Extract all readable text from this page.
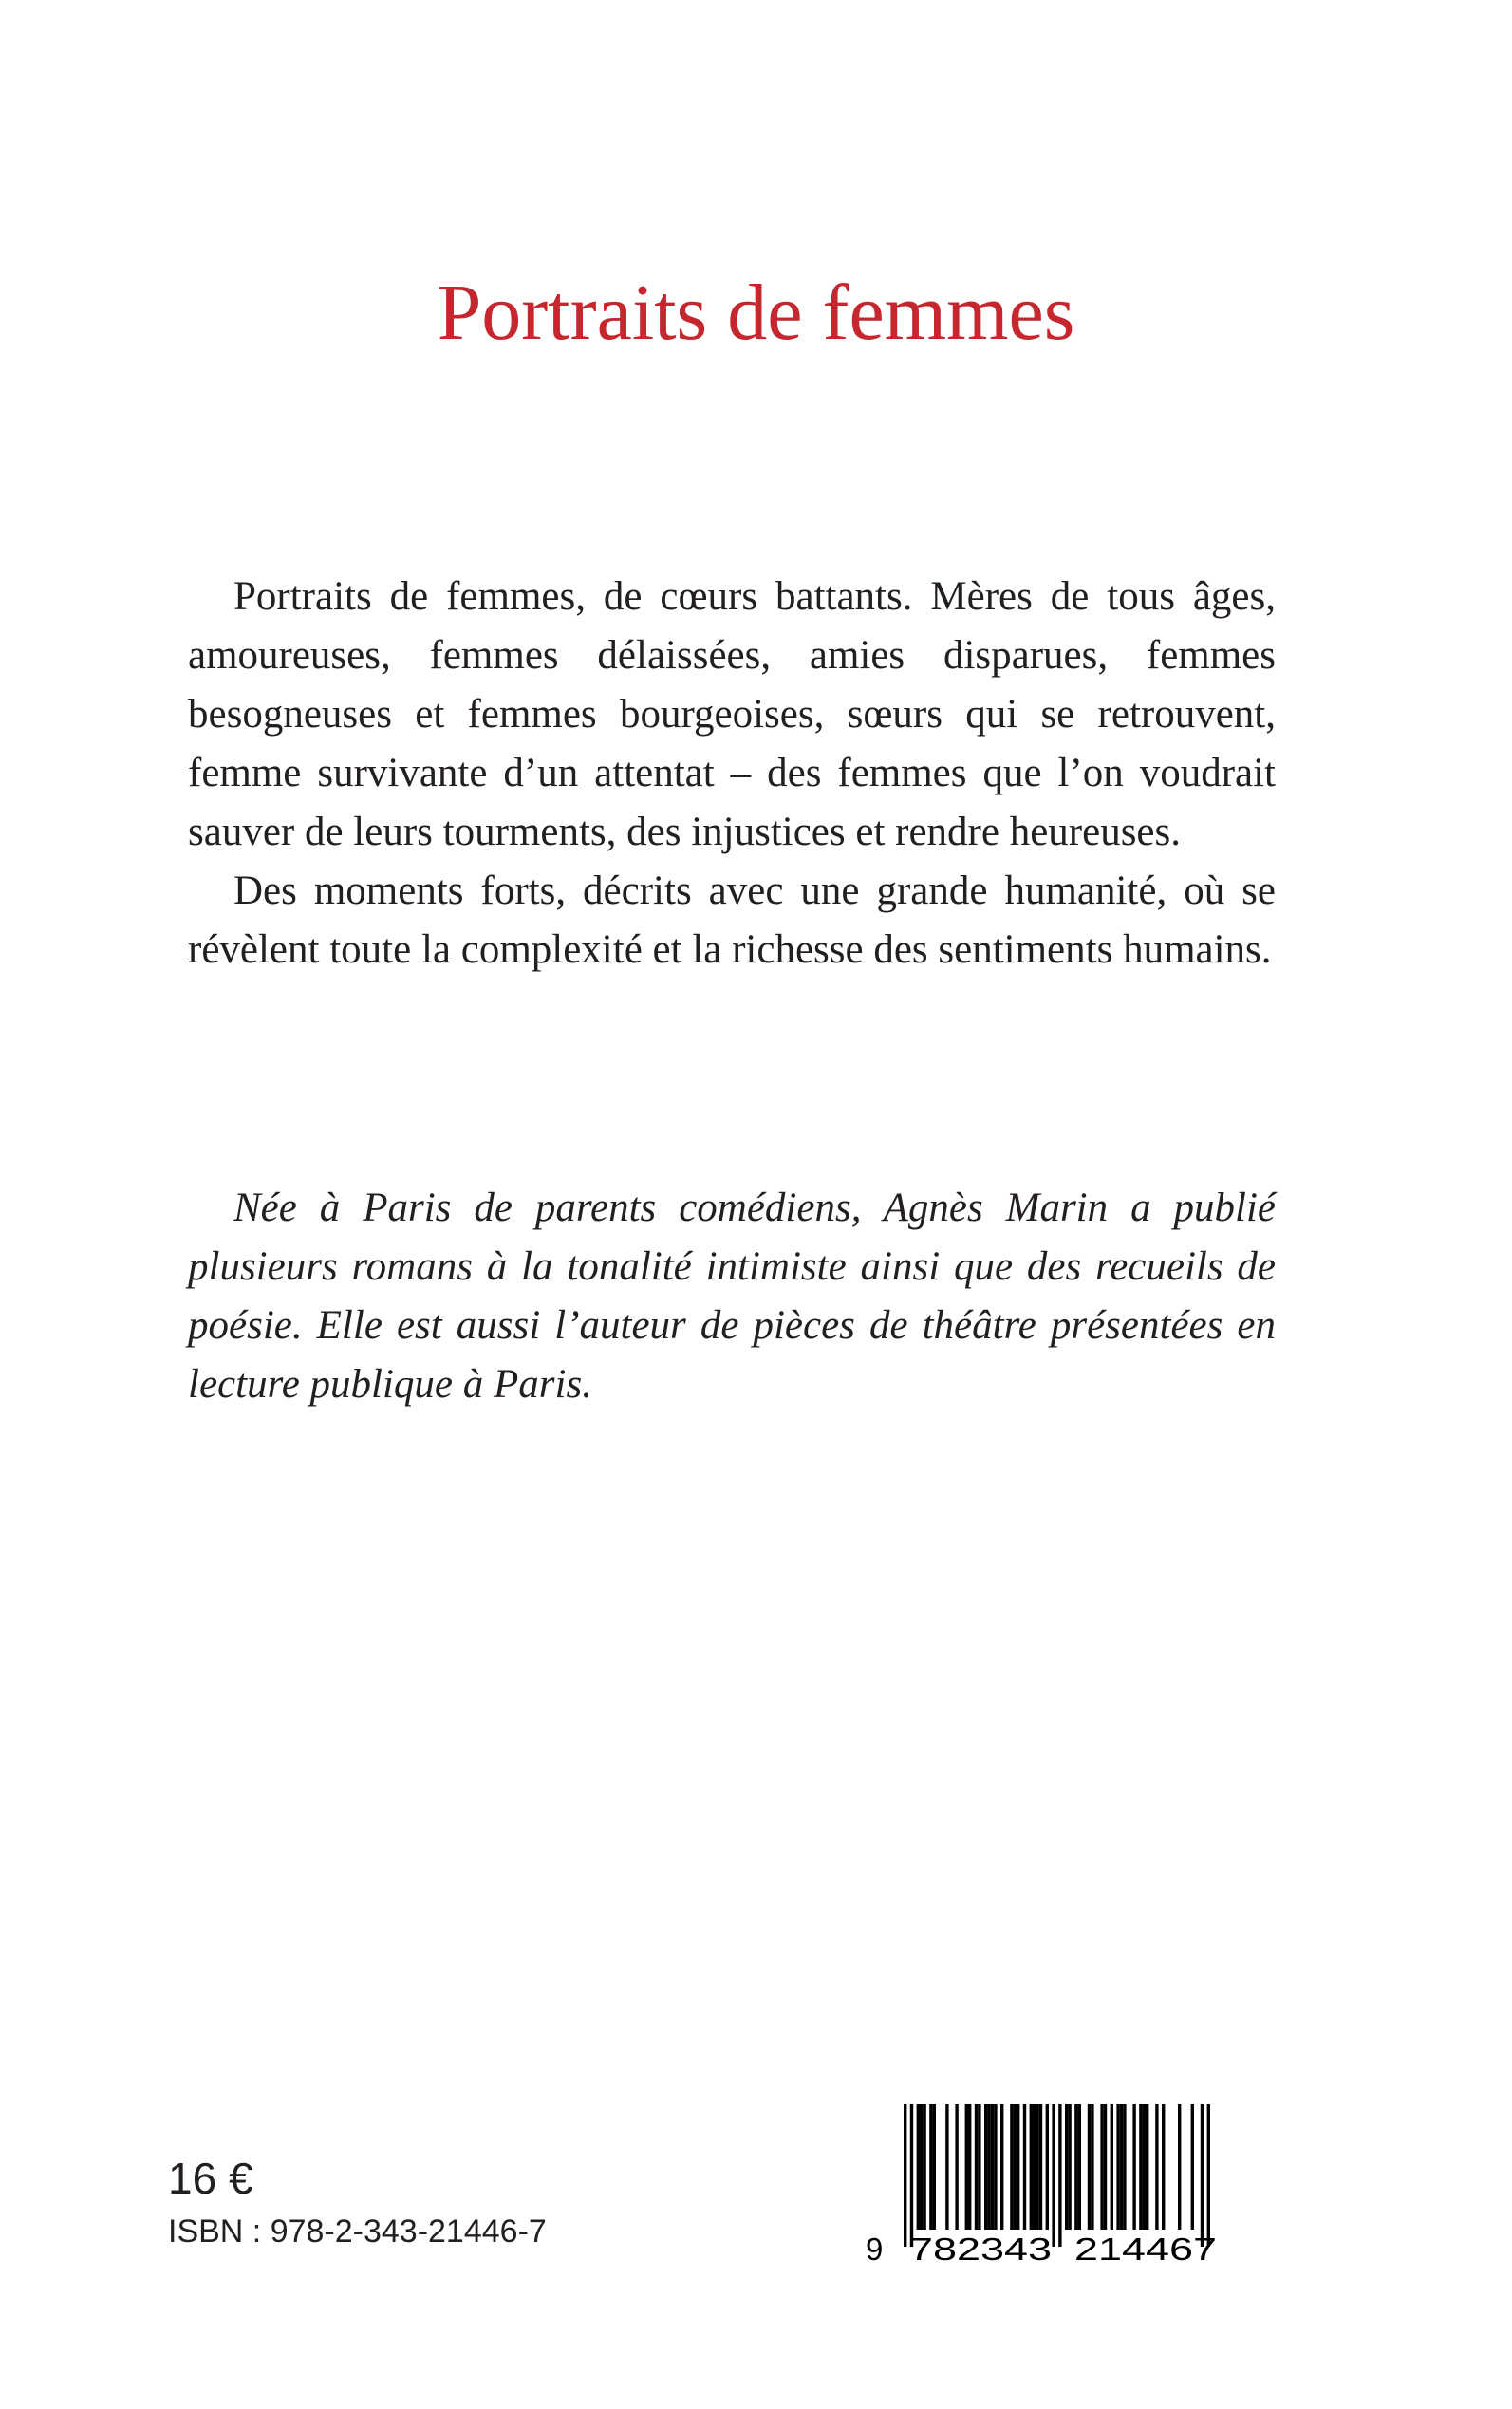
Portraits de femmes

Portraits de femmes, de cœurs battants. Mères de tous âges, amoureuses, femmes délaissées, amies disparues, femmes besogneuses et femmes bourgeoises, sœurs qui se retrouvent, femme survivante d’un attentat – des femmes que l’on voudrait sauver de leurs tourments, des injustices et rendre heureuses.

Des moments forts, décrits avec une grande humanité, où se révèlent toute la complexité et la richesse des sentiments humains.

Née à Paris de parents comédiens, Agnès Marin a publié plusieurs romans à la tonalité intimiste ainsi que des recueils de poésie. Elle est aussi l’auteur de pièces de théâtre présentées en lecture publique à Paris.

16 €
ISBN : 978-2-343-21446-7	9 782343 214467
